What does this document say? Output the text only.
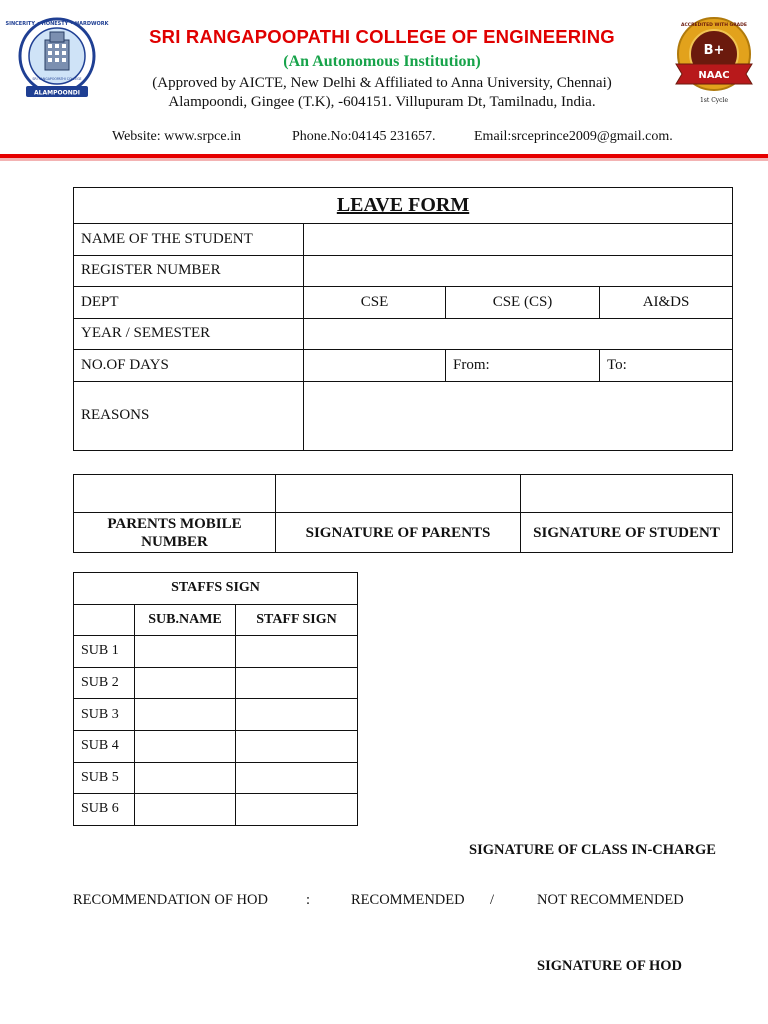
SINCERITY • HONESTY • HARDWORK
SRI RANGAPOOPATHI COLLEGE
ALAMPOONDI
SRI RANGAPOOPATHI COLLEGE OF ENGINEERING
(An Autonomous Institution)
(Approved by AICTE, New Delhi & Affiliated to Anna University, Chennai)
Alampoondi, Gingee (T.K), -604151. Villupuram Dt, Tamilnadu, India.
ACCREDITED WITH GRADE
B+
NAAC
1st Cycle
Website: www.srpce.in	Phone.No:04145 231657.	Email:srceprince2009@gmail.com.
LEAVE FORM			
NAME OF THE STUDENT			
REGISTER NUMBER			
DEPT	CSE	CSE (CS)	AI&DS
YEAR / SEMESTER			
NO.OF DAYS		From:	To:
REASONS			

PARENTS MOBILE NUMBER	SIGNATURE OF PARENTS	SIGNATURE OF STUDENT
STAFFS SIGN		
	SUB.NAME	STAFF SIGN
SUB 1		
SUB 2		
SUB 3		
SUB 4		
SUB 5		
SUB 6		
SIGNATURE OF CLASS IN-CHARGE
RECOMMENDATION OF HOD	:	RECOMMENDED /	NOT RECOMMENDED
SIGNATURE OF HOD
